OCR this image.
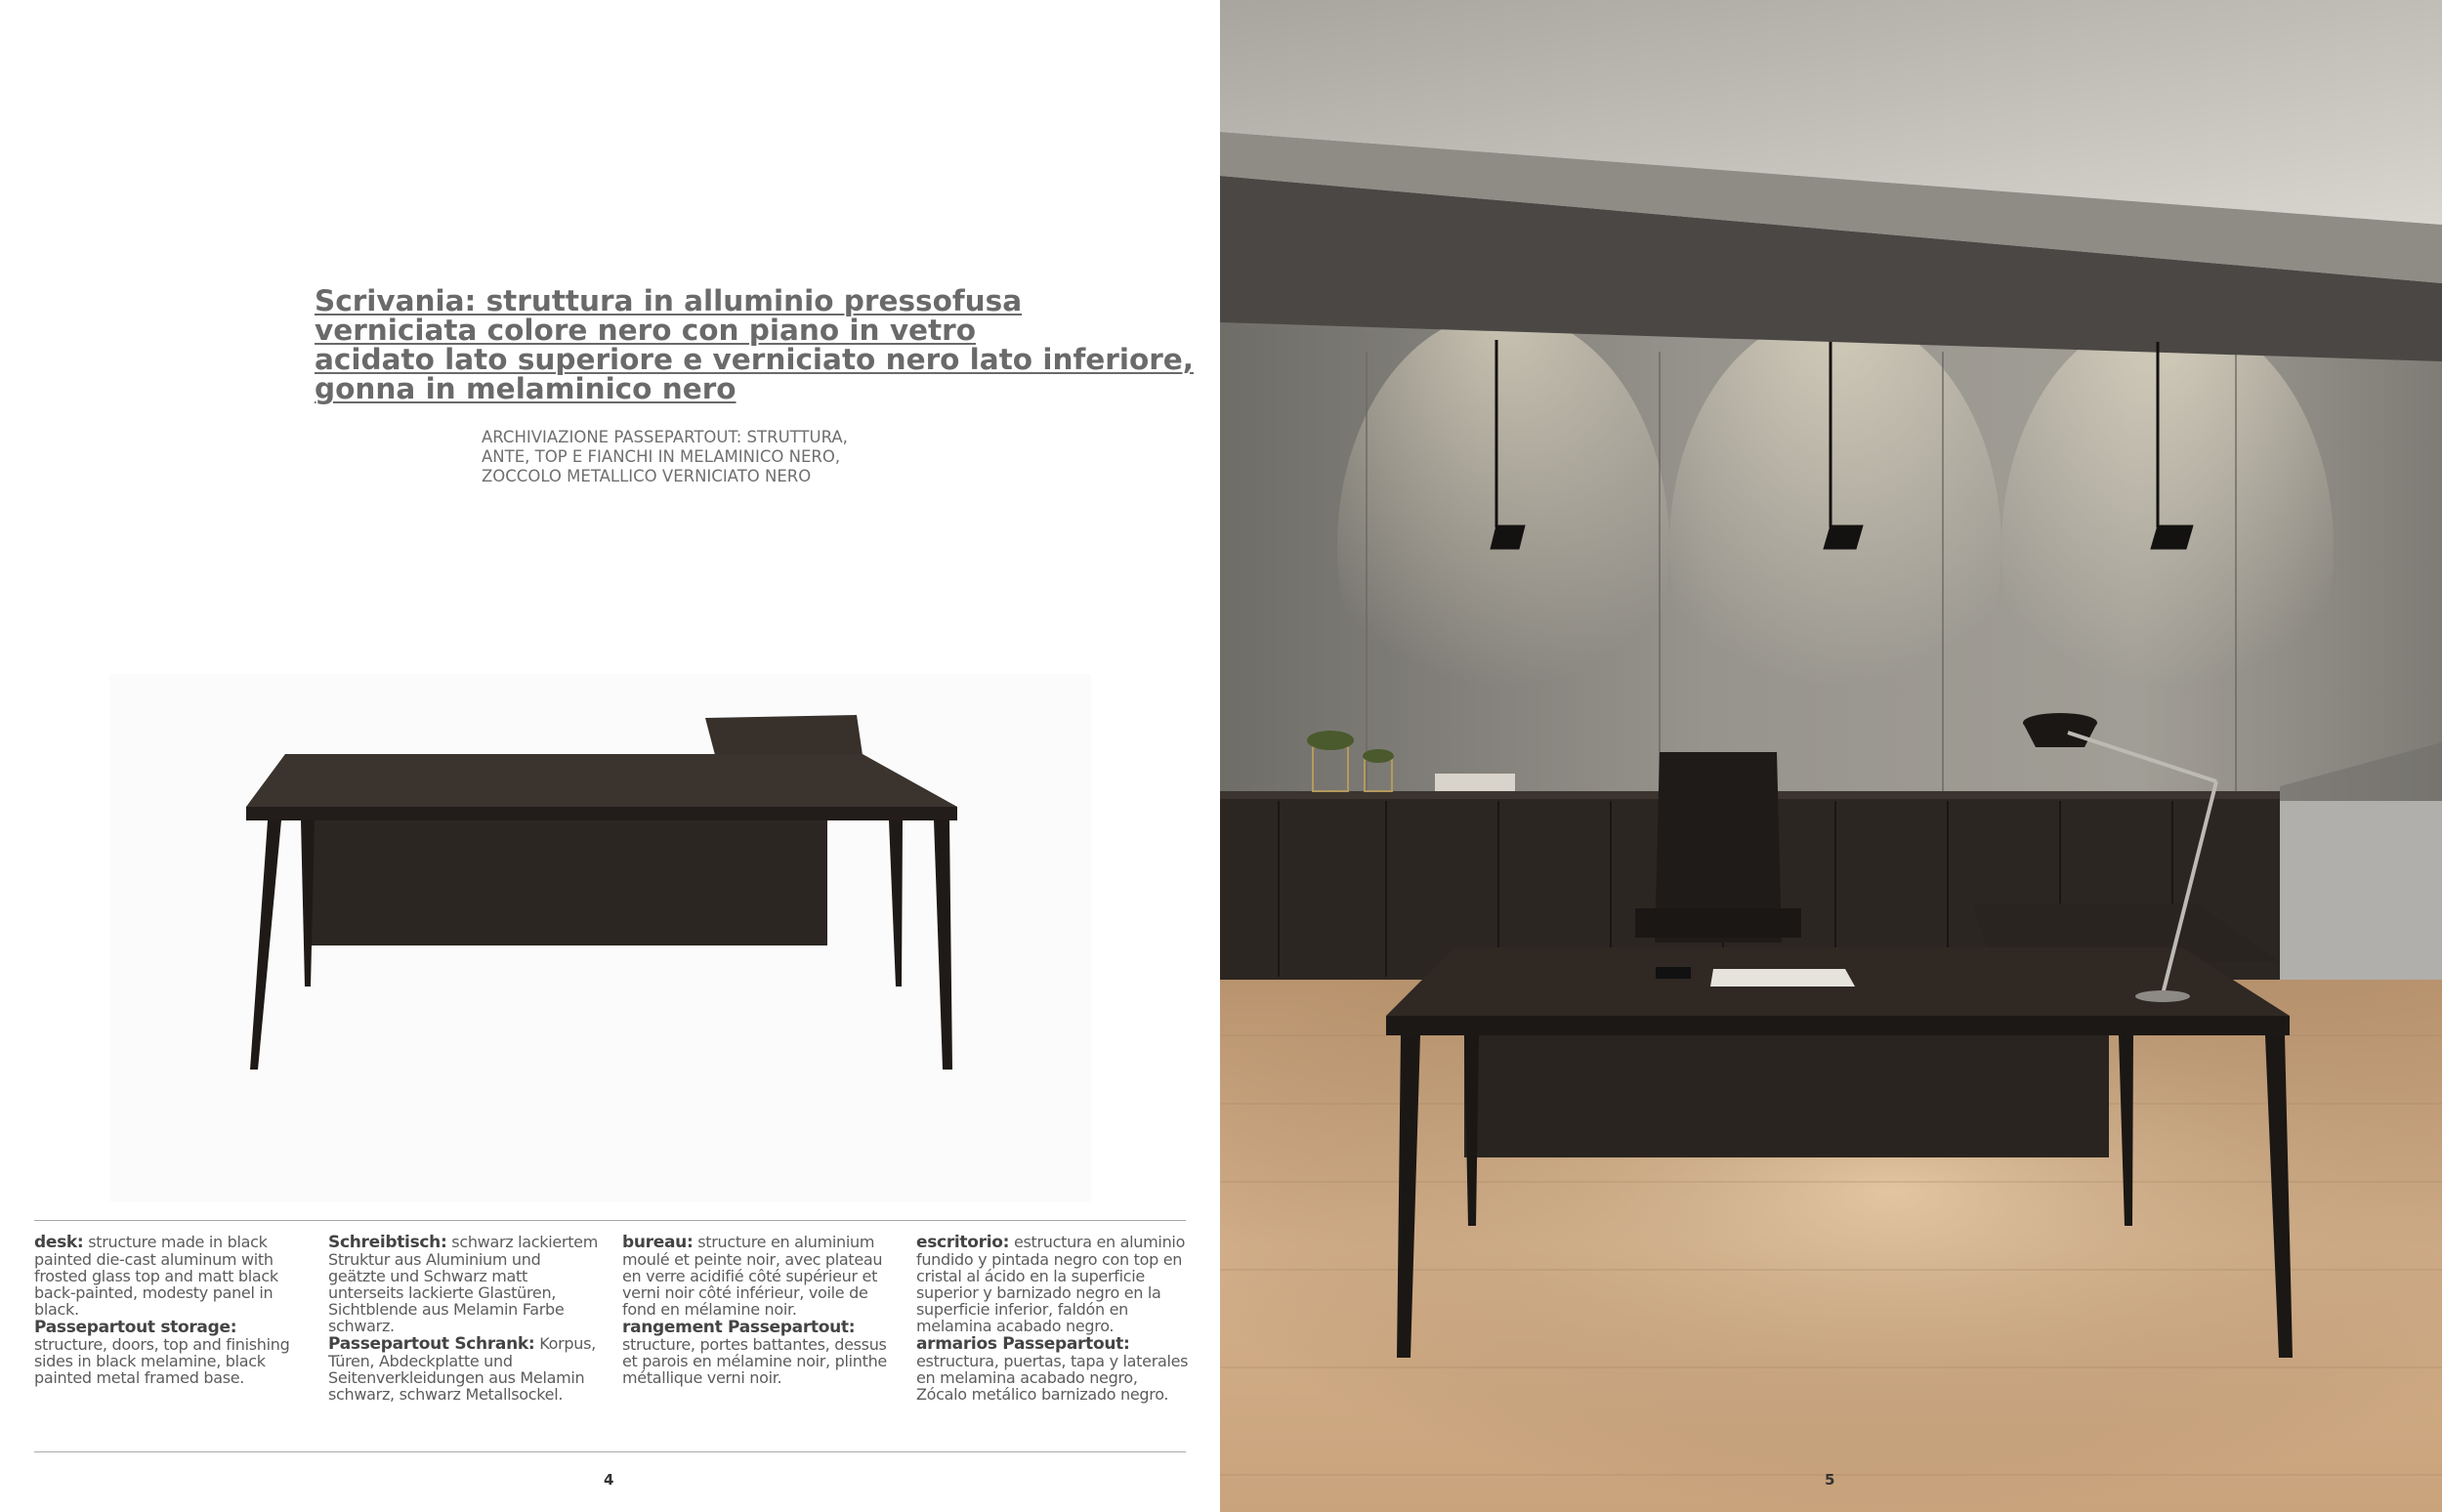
Scrivania: struttura in alluminio pressofusa
verniciata colore nero con piano in vetro
acidato lato superiore e verniciato nero lato inferiore,
gonna in melaminico nero
ARCHIVIAZIONE PASSEPARTOUT: STRUTTURA,
ANTE, TOP E FIANCHI IN MELAMINICO NERO,
ZOCCOLO METALLICO VERNICIATO NERO

desk: structure made in black painted die-cast aluminum with frosted glass top and matt black back-painted, modesty panel in black.

Passepartout storage: structure, doors, top and finishing sides in black melamine, black painted metal framed base.

Schreibtisch: schwarz lackiertem Struktur aus Aluminium und geätzte und Schwarz matt unterseits lackierte Glastüren, Sichtblende aus Melamin Farbe schwarz.

Passepartout Schrank: Korpus, Türen, Abdeckplatte und Seitenverkleidungen aus Melamin schwarz, schwarz Metallsockel.

bureau: structure en aluminium moulé et peinte noir, avec plateau en verre acidifié côté supérieur et verni noir côté inférieur, voile de fond en mélamine noir.

rangement Passepartout: structure, portes battantes, dessus et parois en mélamine noir, plinthe métallique verni noir.

escritorio: estructura en aluminio fundido y pintada negro con top en cristal al ácido en la superficie superior y barnizado negro en la superficie inferior, faldón en melamina acabado negro.

armarios Passepartout: estructura, puertas, tapa y laterales en melamina acabado negro, Zócalo metálico barnizado negro.

4	5
